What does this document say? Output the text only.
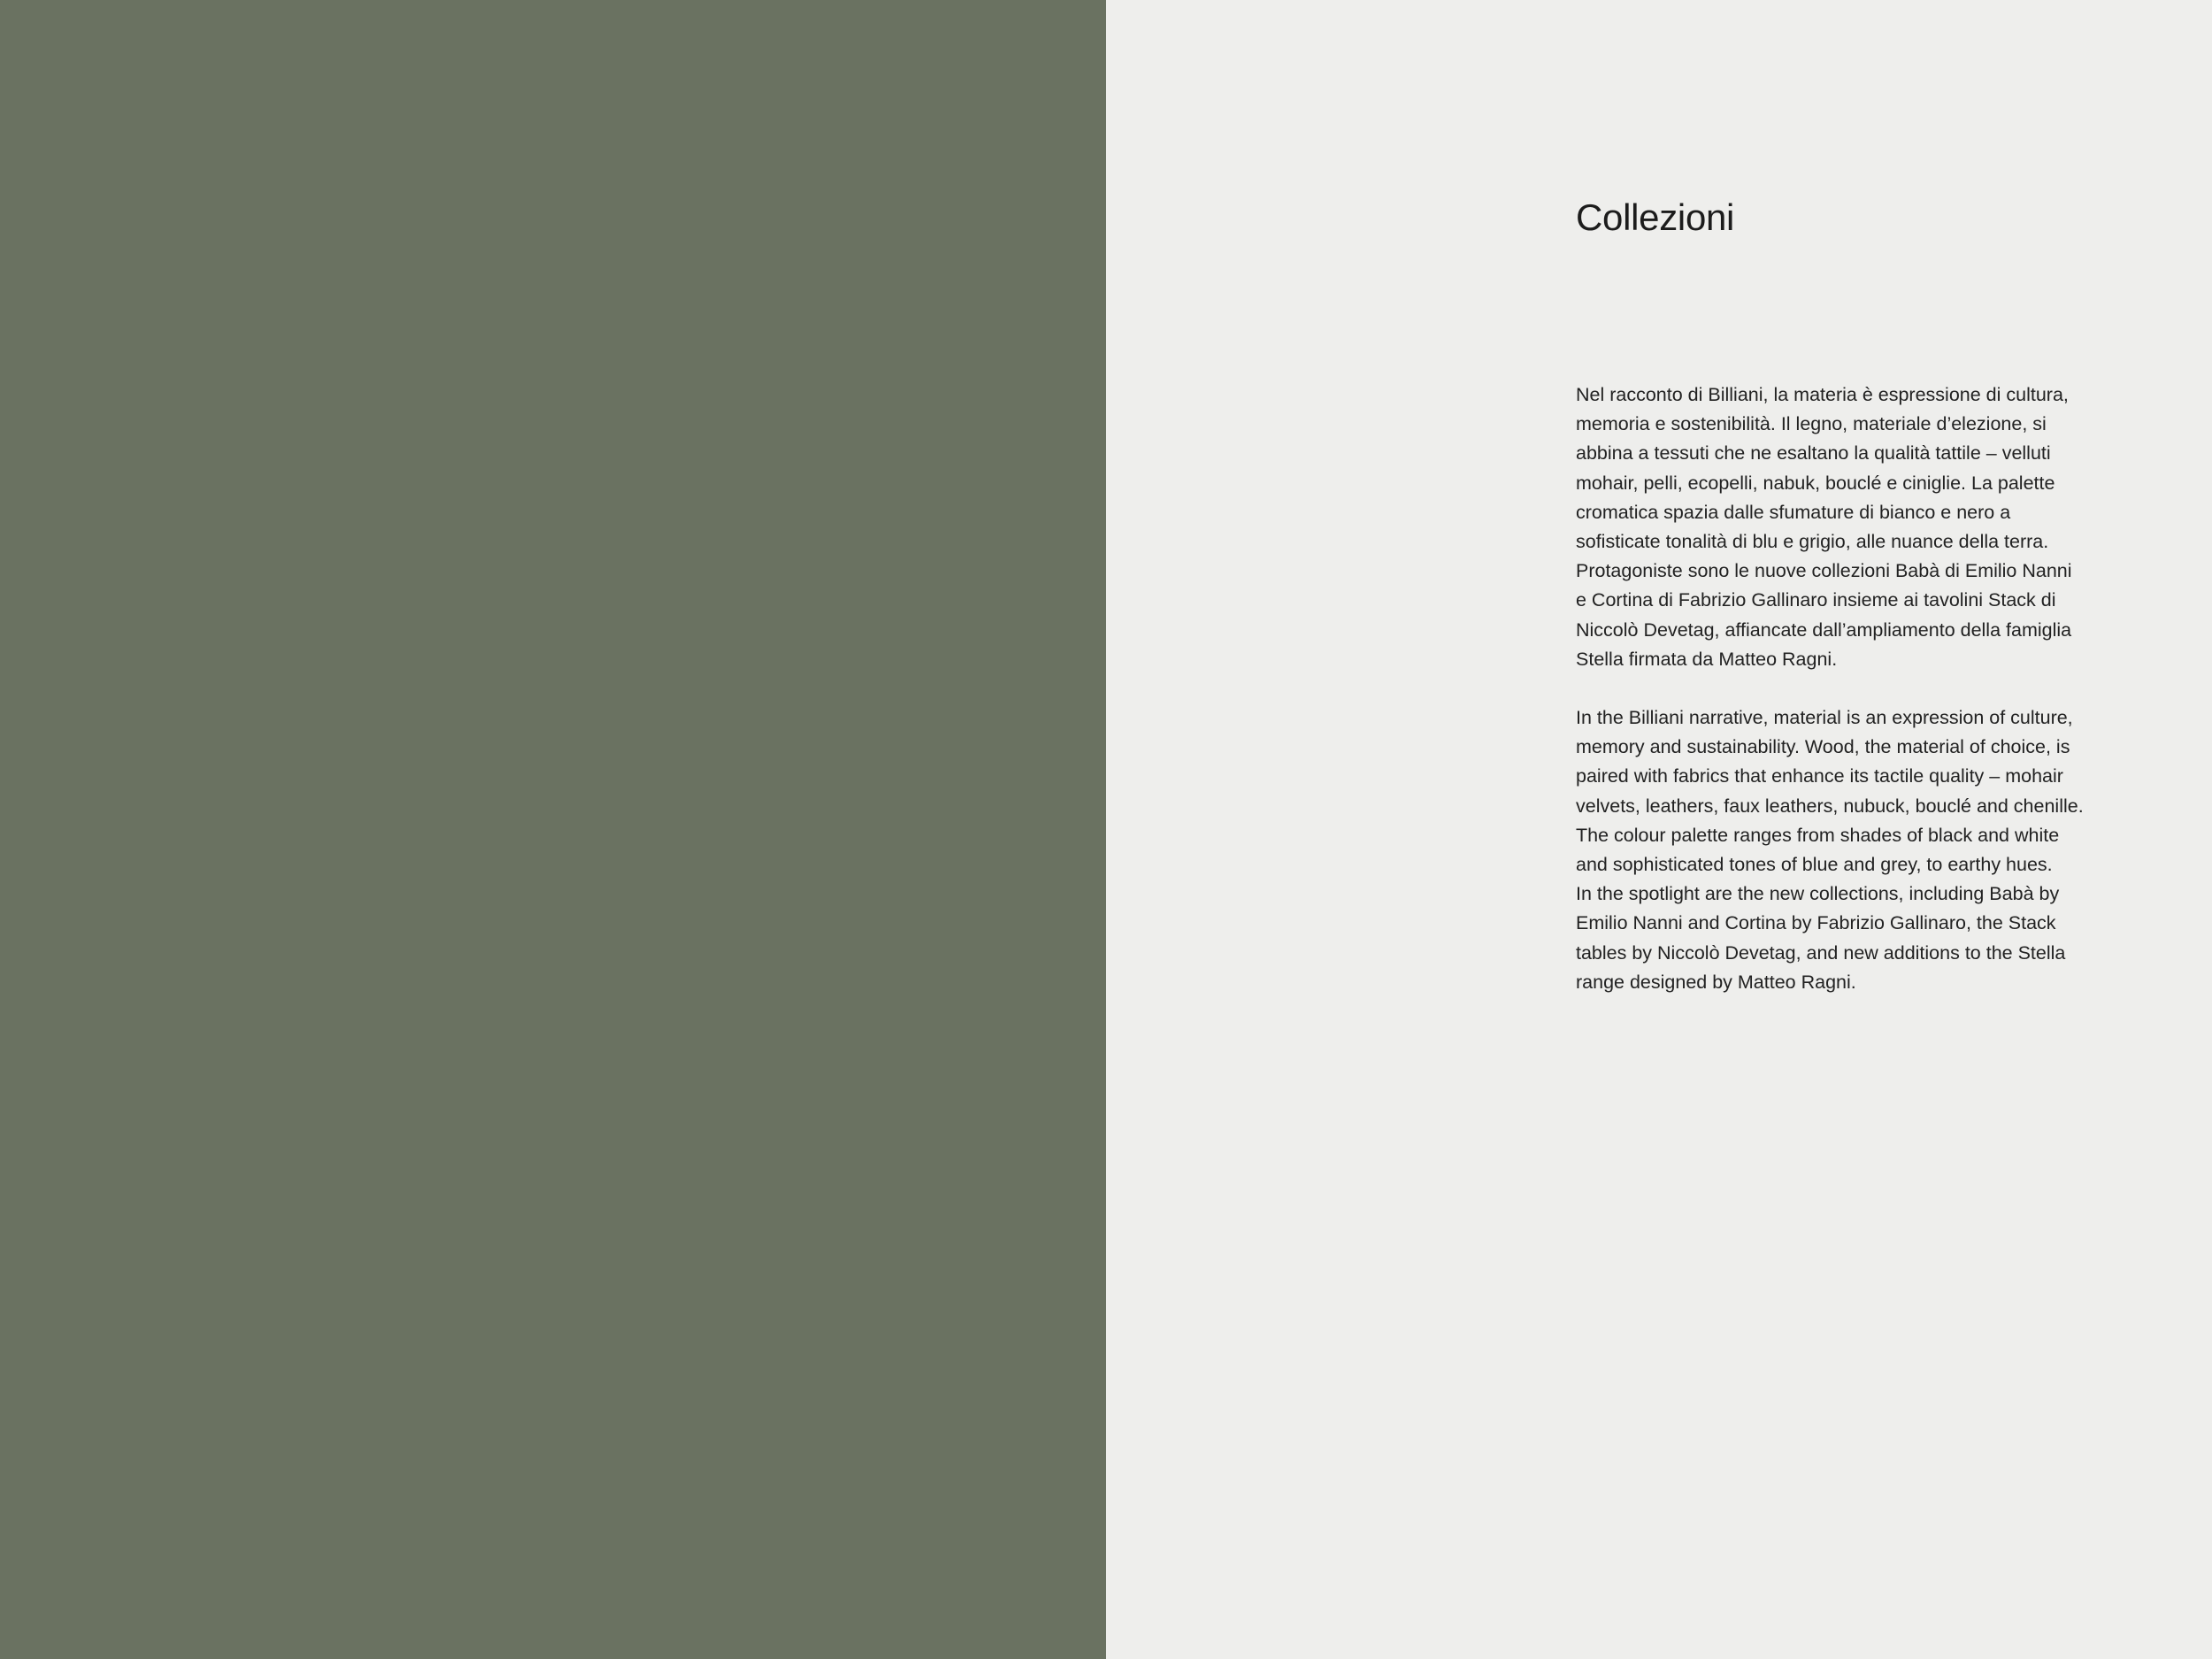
Collezioni

Nel racconto di Billiani, la materia è espressione di cultura,
memoria e sostenibilità. Il legno, materiale d’elezione, si
abbina a tessuti che ne esaltano la qualità tattile – velluti
mohair, pelli, ecopelli, nabuk, bouclé e ciniglie. La palette
cromatica spazia dalle sfumature di bianco e nero a
sofisticate tonalità di blu e grigio, alle nuance della terra.
Protagoniste sono le nuove collezioni Babà di Emilio Nanni
e Cortina di Fabrizio Gallinaro insieme ai tavolini Stack di
Niccolò Devetag, affiancate dall’ampliamento della famiglia
Stella firmata da Matteo Ragni.

In the Billiani narrative, material is an expression of culture,
memory and sustainability. Wood, the material of choice, is
paired with fabrics that enhance its tactile quality – mohair
velvets, leathers, faux leathers, nubuck, bouclé and chenille.
The colour palette ranges from shades of black and white
and sophisticated tones of blue and grey, to earthy hues.
In the spotlight are the new collections, including Babà by
Emilio Nanni and Cortina by Fabrizio Gallinaro, the Stack
tables by Niccolò Devetag, and new additions to the Stella
range designed by Matteo Ragni.
